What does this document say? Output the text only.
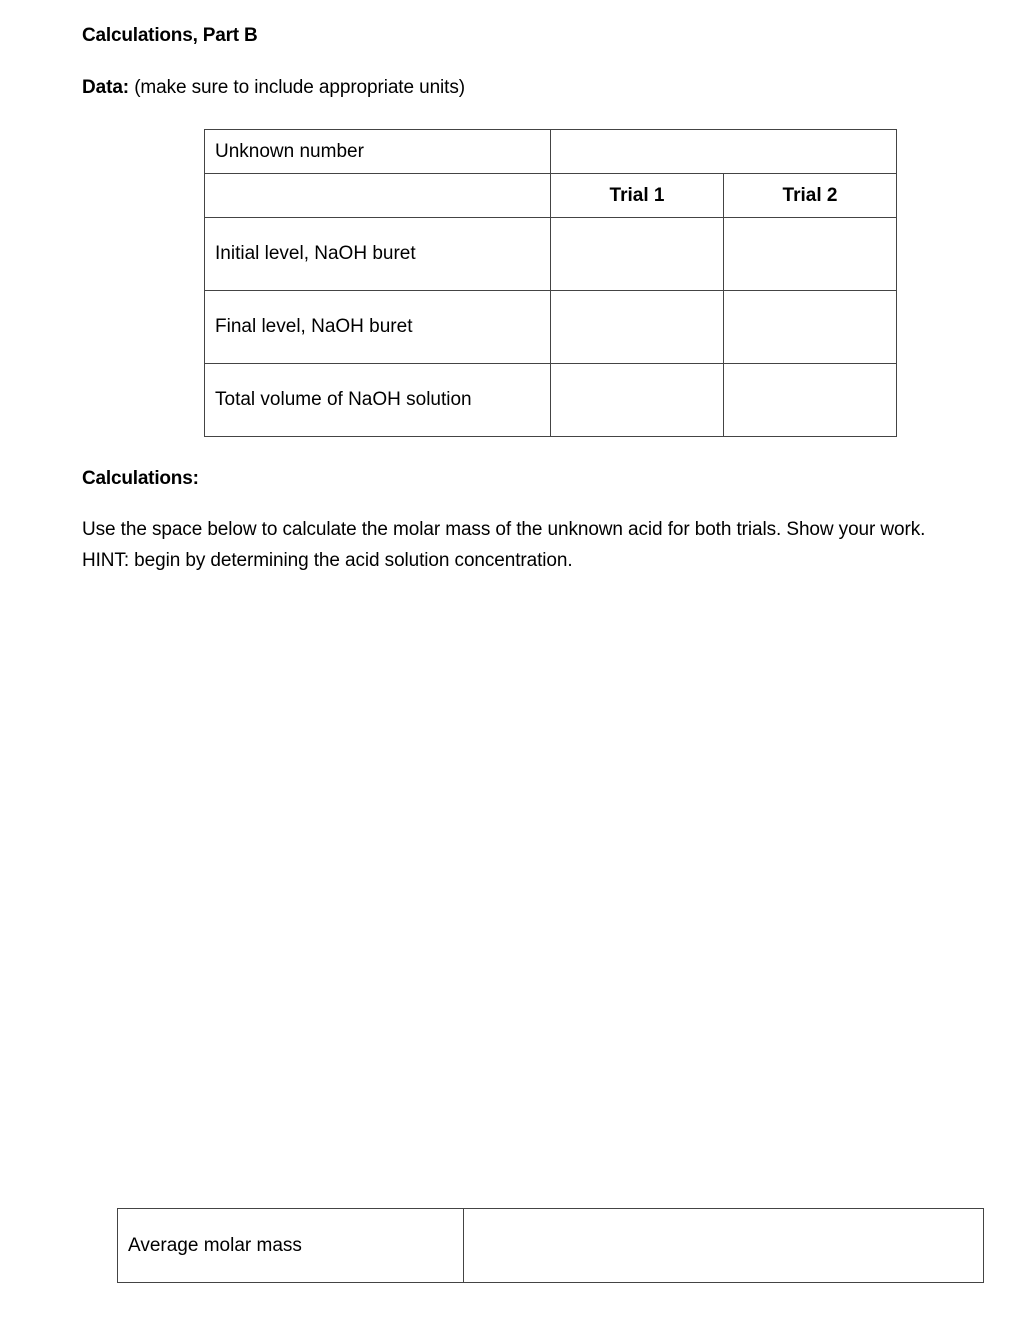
Calculations, Part B
Data: (make sure to include appropriate units)
Unknown number		
	Trial 1	Trial 2
Initial level, NaOH buret		
Final level, NaOH buret		
Total volume of NaOH solution		
Calculations:
Use the space below to calculate the molar mass of the unknown acid for both trials. Show your work.
HINT: begin by determining the acid solution concentration.
Average molar mass	
